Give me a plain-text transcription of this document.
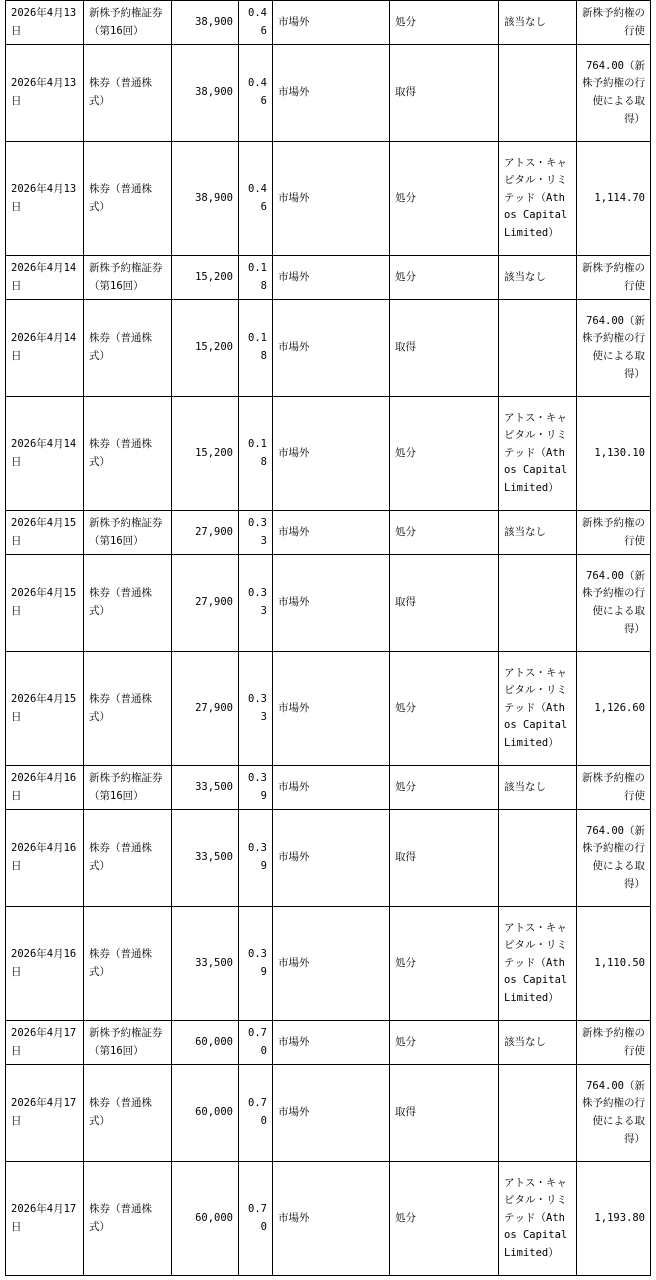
2026年4月13日	新株予約権証券（第16回）	38,900	0.46	市場外	処分	該当なし	新株予約権の行使
2026年4月13日	株券（普通株式）	38,900	0.46	市場外	取得		764.00（新株予約権の行使による取得）
2026年4月13日	株券（普通株式）	38,900	0.46	市場外	処分	アトス・キャピタル・リミテッド（Athos Capital Limited）	1,114.70
2026年4月14日	新株予約権証券（第16回）	15,200	0.18	市場外	処分	該当なし	新株予約権の行使
2026年4月14日	株券（普通株式）	15,200	0.18	市場外	取得		764.00（新株予約権の行使による取得）
2026年4月14日	株券（普通株式）	15,200	0.18	市場外	処分	アトス・キャピタル・リミテッド（Athos Capital Limited）	1,130.10
2026年4月15日	新株予約権証券（第16回）	27,900	0.33	市場外	処分	該当なし	新株予約権の行使
2026年4月15日	株券（普通株式）	27,900	0.33	市場外	取得		764.00（新株予約権の行使による取得）
2026年4月15日	株券（普通株式）	27,900	0.33	市場外	処分	アトス・キャピタル・リミテッド（Athos Capital Limited）	1,126.60
2026年4月16日	新株予約権証券（第16回）	33,500	0.39	市場外	処分	該当なし	新株予約権の行使
2026年4月16日	株券（普通株式）	33,500	0.39	市場外	取得		764.00（新株予約権の行使による取得）
2026年4月16日	株券（普通株式）	33,500	0.39	市場外	処分	アトス・キャピタル・リミテッド（Athos Capital Limited）	1,110.50
2026年4月17日	新株予約権証券（第16回）	60,000	0.70	市場外	処分	該当なし	新株予約権の行使
2026年4月17日	株券（普通株式）	60,000	0.70	市場外	取得		764.00（新株予約権の行使による取得）
2026年4月17日	株券（普通株式）	60,000	0.70	市場外	処分	アトス・キャピタル・リミテッド（Athos Capital Limited）	1,193.80
